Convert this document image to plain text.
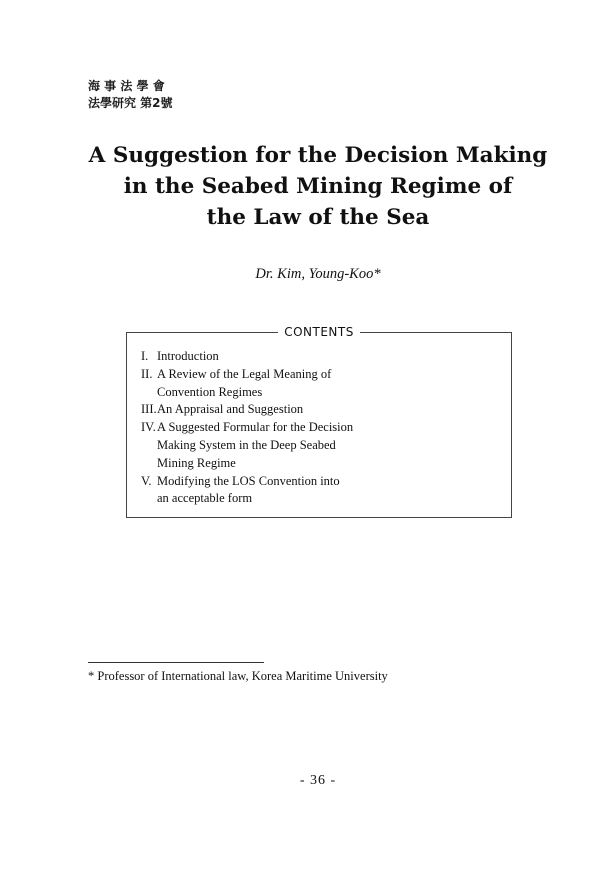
海 事 法 學 會
法學研究 第2號
A Suggestion for the Decision Making
in the Seabed Mining Regime of
the Law of the Sea
Dr. Kim, Young-Koo*
CONTENTS
I. Introduction
II. A Review of the Legal Meaning of
Convention Regimes
III. An Appraisal and Suggestion
IV. A Suggested Formular for the Decision
Making System in the Deep Seabed
Mining Regime
V. Modifying the LOS Convention into
an acceptable form
* Professor of International law, Korea Maritime University
- 36 -
